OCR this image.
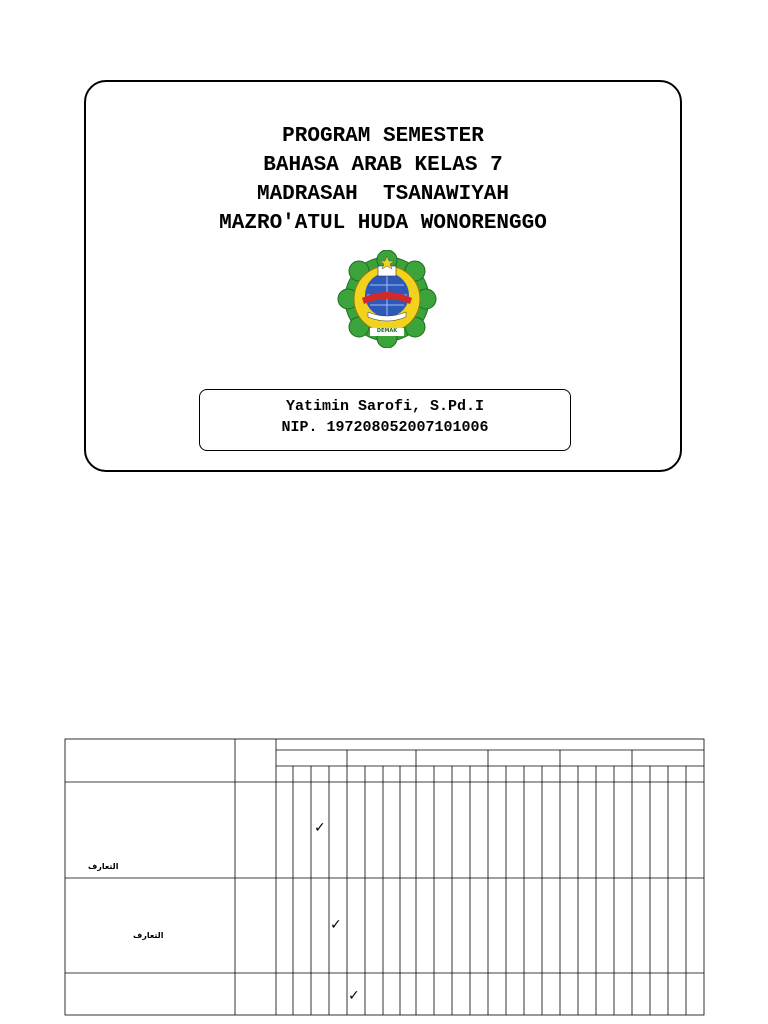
PROGRAM SEMESTER
BAHASA ARAB KELAS 7
MADRASAH  TSANAWIYAH
MAZRO'ATUL HUDA WONORENGGO
DEMAK
Yatimin Sarofi, S.Pd.I
NIP. 197208052007101006
التعارف
✓
التعارف
✓
✓
